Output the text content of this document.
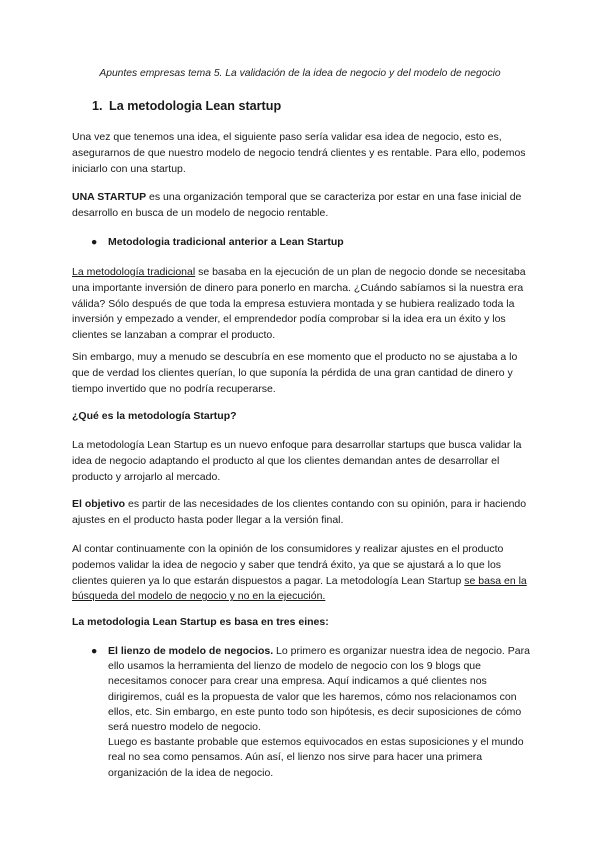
Apuntes empresas tema 5. La validación de la idea de negocio y del modelo de negocio
1. La metodologia Lean startup

Una vez que tenemos una idea, el siguiente paso sería validar esa idea de negocio, esto es, asegurarnos de que nuestro modelo de negocio tendrá clientes y es rentable. Para ello, podemos iniciarlo con una startup.

UNA STARTUP es una organización temporal que se caracteriza por estar en una fase inicial de desarrollo en busca de un modelo de negocio rentable.

● Metodologia tradicional anterior a Lean Startup

La metodología tradicional se basaba en la ejecución de un plan de negocio donde se necesitaba una importante inversión de dinero para ponerlo en marcha. ¿Cuándo sabíamos si la nuestra era válida? Sólo después de que toda la empresa estuviera montada y se hubiera realizado toda la inversión y empezado a vender, el emprendedor podía comprobar si la idea era un éxito y los clientes se lanzaban a comprar el producto.

Sin embargo, muy a menudo se descubría en ese momento que el producto no se ajustaba a lo que de verdad los clientes querían, lo que suponía la pérdida de una gran cantidad de dinero y tiempo invertido que no podría recuperarse.

¿Qué es la metodología Startup?

La metodología Lean Startup es un nuevo enfoque para desarrollar startups que busca validar la idea de negocio adaptando el producto al que los clientes demandan antes de desarrollar el producto y arrojarlo al mercado.

El objetivo es partir de las necesidades de los clientes contando con su opinión, para ir haciendo ajustes en el producto hasta poder llegar a la versión final.

Al contar continuamente con la opinión de los consumidores y realizar ajustes en el producto podemos validar la idea de negocio y saber que tendrá éxito, ya que se ajustará a lo que los clientes quieren ya lo que estarán dispuestos a pagar. La metodología Lean Startup se basa en la búsqueda del modelo de negocio y no en la ejecución.

La metodologia Lean Startup es basa en tres eines:

●	El lienzo de modelo de negocios. Lo primero es organizar nuestra idea de negocio. Para ello usamos la herramienta del lienzo de modelo de negocio con los 9 blogs que necesitamos conocer para crear una empresa. Aquí indicamos a qué clientes nos dirigiremos, cuál es la propuesta de valor que les haremos, cómo nos relacionamos con ellos, etc. Sin embargo, en este punto todo son hipótesis, es decir suposiciones de cómo será nuestro modelo de negocio.
Luego es bastante probable que estemos equivocados en estas suposiciones y el mundo real no sea como pensamos. Aún así, el lienzo nos sirve para hacer una primera organización de la idea de negocio.
